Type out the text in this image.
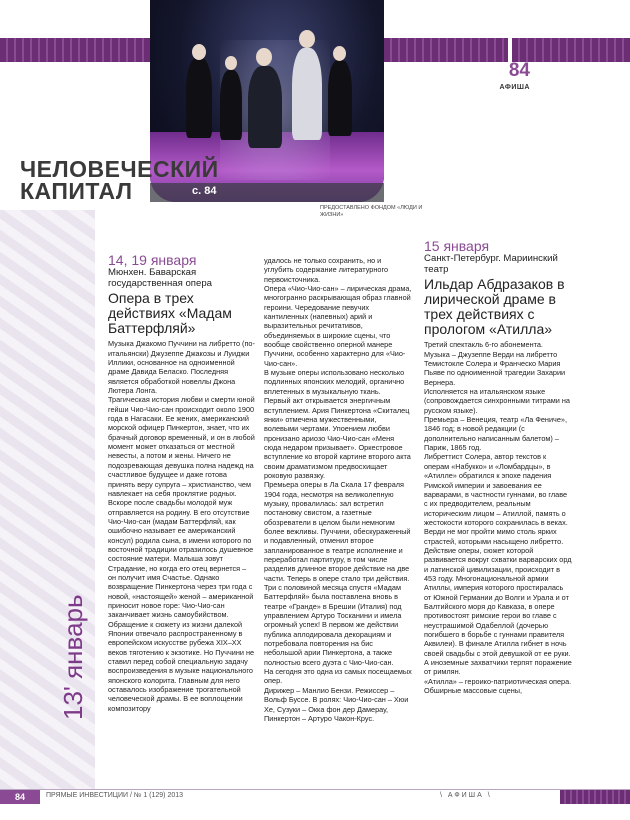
с. 84
84
АФИША
ЧЕЛОВЕЧЕСКИЙ
КАПИТАЛ
ПРЕДОСТАВЛЕНО ФОНДОМ «ЛЮДИ И ЖИЗНИ»
13' январь
14, 19 января
Мюнхен. Баварская государственная опера
Опера в трех действиях «Мадам Баттерфляй»

Музыка Джакомо Пуччини на либретто (по-итальянски) Джузеппе Джакозы и Луиджи Иллики, основанное на одноименной драме Давида Беласко. Последняя является обработкой новеллы Джона Лютера Лонга.

Трагическая история любви и смерти юной гейши Чио-Чио-сан происходит около 1900 года в Нагасаки. Ее жених, американский морской офицер Пинкертон, знает, что их брачный договор временный, и он в любой момент может отказаться от местной невесты, а потом и жены. Ничего не подозревающая девушка полна надежд на счастливое будущее и даже готова принять веру супруга – христианство, чем навлекает на себя проклятие родных. Вскоре после свадьбы молодой муж отправляется на родину. В его отсутствие Чио-Чио-сан (мадам Баттерфляй, как ошибочно называет ее американский консул) родила сына, в имени которого по восточной традиции отразилось душевное состояние матери. Малыша зовут Страдание, но когда его отец вернется – он получит имя Счастье. Однако возвращение Пинкертона через три года с новой, «настоящей» женой – американной приносит новое горе: Чио-Чио-сан заканчивает жизнь самоубийством.

Обращение к сюжету из жизни далекой Японии отвечало распространенному в европейском искусстве рубежа XIX–XX веков тяготению к экзотике. Но Пуччини не ставил перед собой специальную задачу воспроизведения в музыке национального японского колорита. Главным для него оставалось изображение трогательной человеческой драмы. В ее воплощении композитору

удалось не только сохранить, но и углубить содержание литературного первоисточника.

Опера «Чио-Чио-сан» – лирическая драма, многогранно раскрывающая образ главной героини. Чередование певучих кантиленных (напевных) арий и выразительных речитативов, объединяемых в широкие сцены, что вообще свойственно оперной манере Пуччини, особенно характерно для «Чио-Чио-сан».

В музыке оперы использовано несколько подлинных японских мелодий, органично вплетенных в музыкальную ткань.

Первый акт открывается энергичным вступлением. Ария Пинкертона «Скиталец янки» отмечена мужественными, волевыми чертами. Упоением любви пронизано ариозо Чио-Чио-сан «Меня сюда недаром призывает». Оркестровое вступление ко второй картине второго акта своим драматизмом предвосхищает роковую развязку.

Премьера оперы в Ла Скала 17 февраля 1904 года, несмотря на великолепную музыку, провалилась: зал встретил постановку свистом, а газетные обозреватели в целом были немногим более вежливы. Пуччини, обескураженный и подавленный, отменил второе запланированное в театре исполнение и переработал партитуру, в том числе разделив длинное второе действие на две части. Теперь в опере стало три действия. Три с половиной месяца спустя «Мадам Баттерфляй» была поставлена вновь в театре «Гранде» в Брешии (Италия) под управлением Артуро Тосканини и имела огромный успех! В первом же действии публика аплодировала декорациям и потребовала повторения на бис небольшой арии Пинкертона, а также полностью всего дуэта с Чио-Чио-сан.

На сегодня это одна из самых посещаемых опер.

Дирижер – Манлио Бензи. Режиссер – Вольф Буссе. В ролях: Чио-Чио-сан – Хюи Хе, Сузуки – Окка фон дер Дамерау, Пинкертон – Артуро Чакон-Крус.

15 января
Санкт-Петербург. Мариинский театр
Ильдар Абдразаков в лирической драме в трех действиях с прологом «Атилла»

Третий спектакль 6-го абонемента.

Музыка – Джузеппе Верди на либретто Темистокле Солера и Франческо Мария Пьяве по одноименной трагедии Захарии Вернера.

Исполняется на итальянском языке (сопровождается синхронными титрами на русском языке).

Премьера – Венеция, театр «Ла Фениче», 1846 год; в новой редакции (с дополнительно написанным балетом) – Париж, 1865 год.

Либреттист Солера, автор текстов к операм «Набукко» и «Ломбардцы», в «Атилле» обратился к эпохе падения Римской империи и завоевания ее варварами, в частности гуннами, во главе с их предводителем, реальным историческим лицом – Атиллой, память о жестокости которого сохранилась в веках. Верди не мог пройти мимо столь ярких страстей, которыми насыщено либретто.

Действие оперы, сюжет которой развивается вокруг схватки варварских орд и латинской цивилизации, происходит в 453 году. Многонациональной армии Атиллы, империя которого простиралась от Южной Германии до Волги и Урала и от Балтийского моря до Кавказа, в опере противостоят римские герои во главе с неустрашимой Одабеллой (дочерью погибшего в борьбе с гуннами правителя Аквилеи). В финале Атилла гибнет в ночь своей свадьбы с этой девушкой от ее руки. А иноземные захватчики терпят поражение от римлян.

«Атилла» – героико-патриотическая опера. Обширные массовые сцены,

84	ПРЯМЫЕ ИНВЕСТИЦИИ / № 1 (129) 2013	\ АФИША \
